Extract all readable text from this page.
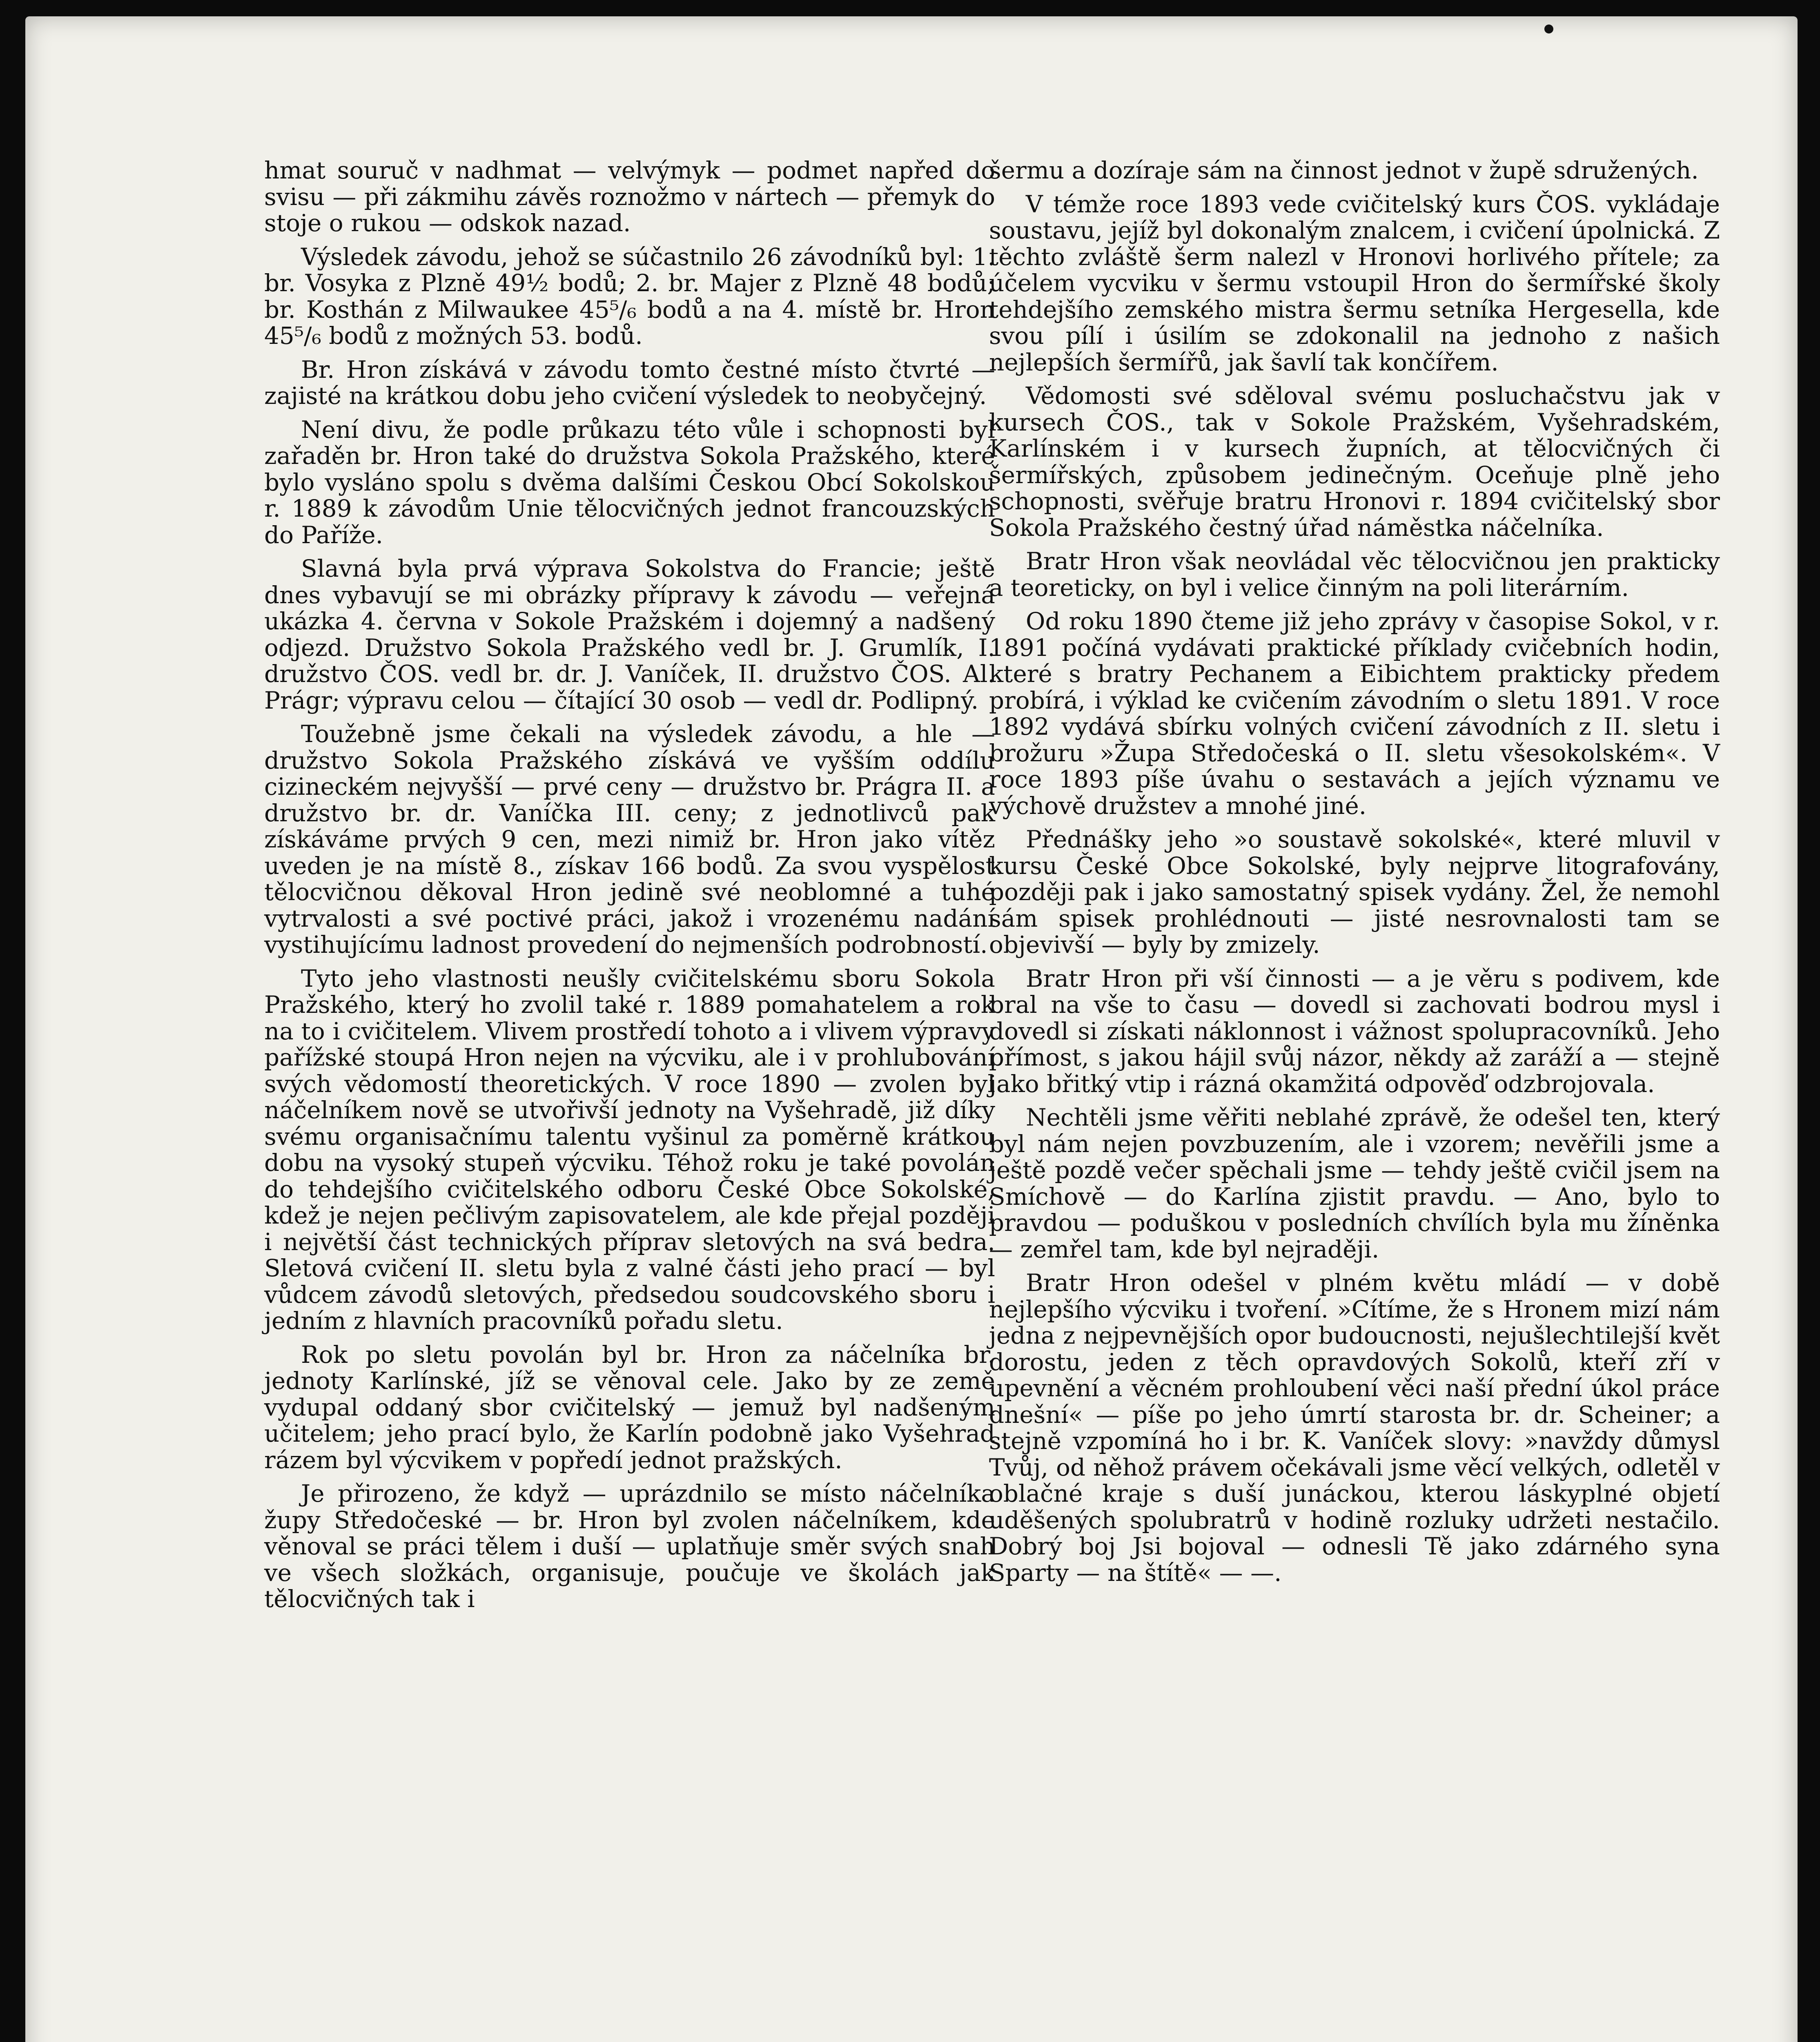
hmat souruč v nadhmat — velvýmyk — podmet napřed do svisu — při zákmihu závěs roznožmo v nártech — přemyk do stoje o rukou — odskok nazad.

Výsledek závodu, jehož se súčastnilo 26 závodníků byl: 1. br. Vosyka z Plzně 49½ bodů; 2. br. Majer z Plzně 48 bodů; br. Kosthán z Milwaukee 45⁵/₆ bodů a na 4. místě br. Hron 45⁵/₆ bodů z možných 53. bodů.

Br. Hron získává v závodu tomto čestné místo čtvrté — zajisté na krátkou dobu jeho cvičení výsledek to neobyčejný.

Není divu, že podle průkazu této vůle i schopnosti byl zařaděn br. Hron také do družstva Sokola Pražského, které bylo vysláno spolu s dvěma dalšími Českou Obcí Sokolskou r. 1889 k závodům Unie tělocvičných jednot francouzských do Paříže.

Slavná byla prvá výprava Sokolstva do Francie; ještě dnes vybavují se mi obrázky přípravy k závodu — veřejná ukázka 4. června v Sokole Pražském i dojemný a nadšený odjezd. Družstvo Sokola Pražského vedl br. J. Grumlík, I. družstvo ČOS. vedl br. dr. J. Vaníček, II. družstvo ČOS. Al. Prágr; výpravu celou — čítající 30 osob — vedl dr. Podlipný.

Toužebně jsme čekali na výsledek závodu, a hle — družstvo Sokola Pražského získává ve vyšším oddílu cizineckém nejvyšší — prvé ceny — družstvo br. Prágra II. a družstvo br. dr. Vaníčka III. ceny; z jednotlivců pak získáváme prvých 9 cen, mezi nimiž br. Hron jako vítěz uveden je na místě 8., získav 166 bodů. Za svou vyspělost tělocvičnou děkoval Hron jedině své neoblomné a tuhé vytrvalosti a své poctivé práci, jakož i vrozenému nadání vystihujícímu ladnost provedení do nejmenších podrobností.

Tyto jeho vlastnosti neušly cvičitelskému sboru Sokola Pražského, který ho zvolil také r. 1889 pomahatelem a rok na to i cvičitelem. Vlivem prostředí tohoto a i vlivem výpravy pařížské stoupá Hron nejen na výcviku, ale i v prohlubování svých vědomostí theoretických. V roce 1890 — zvolen byl náčelníkem nově se utvořivší jednoty na Vyšehradě, již díky svému organisačnímu talentu vyšinul za poměrně krátkou dobu na vysoký stupeň výcviku. Téhož roku je také povolán do tehdejšího cvičitelského odboru České Obce Sokolské, kdež je nejen pečlivým zapisovatelem, ale kde přejal později i největší část technických příprav sletových na svá bedra. Sletová cvičení II. sletu byla z valné části jeho prací — byl vůdcem závodů sletových, předsedou soudcovského sboru i jedním z hlavních pracovníků pořadu sletu.

Rok po sletu povolán byl br. Hron za náčelníka br. jednoty Karlínské, jíž se věnoval cele. Jako by ze země vydupal oddaný sbor cvičitelský — jemuž byl nadšeným učitelem; jeho prací bylo, že Karlín podobně jako Vyšehrad rázem byl výcvikem v popředí jednot pražských.

Je přirozeno, že když — uprázdnilo se místo náčelníka župy Středočeské — br. Hron byl zvolen náčelníkem, kde věnoval se práci tělem i duší — uplatňuje směr svých snah ve všech složkách, organisuje, poučuje ve školách jak tělocvičných tak i

šermu a dozíraje sám na činnost jednot v župě sdružených.

V témže roce 1893 vede cvičitelský kurs ČOS. vykládaje soustavu, jejíž byl dokonalým znalcem, i cvičení úpolnická. Z těchto zvláště šerm nalezl v Hronovi horlivého přítele; za účelem vycviku v šermu vstoupil Hron do šermířské školy tehdejšího zemského mistra šermu setníka Hergesella, kde svou pílí i úsilím se zdokonalil na jednoho z našich nejlepších šermířů, jak šavlí tak končířem.

Vědomosti své sděloval svému posluchačstvu jak v kursech ČOS., tak v Sokole Pražském, Vyšehradském, Karlínském i v kursech župních, at tělocvičných či šermířských, způsobem jedinečným. Oceňuje plně jeho schopnosti, svěřuje bratru Hronovi r. 1894 cvičitelský sbor Sokola Pražského čestný úřad náměstka náčelníka.

Bratr Hron však neovládal věc tělocvičnou jen prakticky a teoreticky, on byl i velice činným na poli literárním.

Od roku 1890 čteme již jeho zprávy v časopise Sokol, v r. 1891 počíná vydávati praktické příklady cvičebních hodin, které s bratry Pechanem a Eibichtem prakticky předem probírá, i výklad ke cvičením závodním o sletu 1891. V roce 1892 vydává sbírku volných cvičení závodních z II. sletu i brožuru »Župa Středočeská o II. sletu všesokolském«. V roce 1893 píše úvahu o sestavách a jejích významu ve výchově družstev a mnohé jiné.

Přednášky jeho »o soustavě sokolské«, které mluvil v kursu České Obce Sokolské, byly nejprve litografovány, později pak i jako samostatný spisek vydány. Žel, že nemohl sám spisek prohlédnouti — jisté nesrovnalosti tam se objevivší — byly by zmizely.

Bratr Hron při vší činnosti — a je věru s podivem, kde bral na vše to času — dovedl si zachovati bodrou mysl i dovedl si získati náklonnost i vážnost spolupracovníků. Jeho přímost, s jakou hájil svůj názor, někdy až zaráží a — stejně jako břitký vtip i rázná okamžitá odpověď odzbrojovala.

Nechtěli jsme věřiti neblahé zprávě, že odešel ten, který byl nám nejen povzbuzením, ale i vzorem; nevěřili jsme a ještě pozdě večer spěchali jsme — tehdy ještě cvičil jsem na Smíchově — do Karlína zjistit pravdu. — Ano, bylo to pravdou — poduškou v posledních chvílích byla mu žíněnka — zemřel tam, kde byl nejraději.

Bratr Hron odešel v plném květu mládí — v době nejlepšího výcviku i tvoření. »Cítíme, že s Hronem mizí nám jedna z nejpevnějších opor budoucnosti, nejušlechtilejší květ dorostu, jeden z těch opravdových Sokolů, kteří zří v upevnění a věcném prohloubení věci naší přední úkol práce dnešní« — píše po jeho úmrtí starosta br. dr. Scheiner; a stejně vzpomíná ho i br. K. Vaníček slovy: »navždy důmysl Tvůj, od něhož právem očekávali jsme věcí velkých, odletěl v oblačné kraje s duší junáckou, kterou láskyplné objetí uděšených spolubratrů v hodině rozluky udržeti nestačilo. Dobrý boj Jsi bojoval — odnesli Tě jako zdárného syna Sparty — na štítě« — —.
